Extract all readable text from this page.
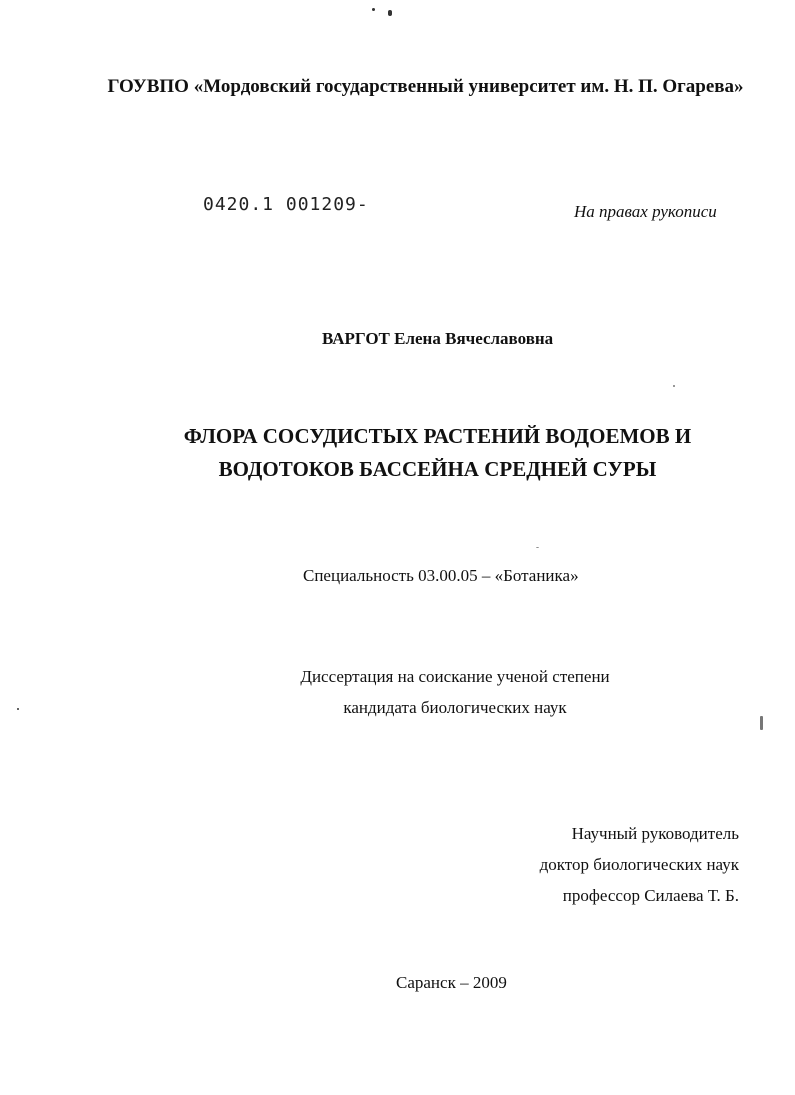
ГОУВПО «Мордовский государственный университет им. Н. П. Огарева»
0420.1 001209-	На правах рукописи
ВАРГОТ Елена Вячеславовна
ФЛОРА СОСУДИСТЫХ РАСТЕНИЙ ВОДОЕМОВ И
ВОДОТОКОВ БАССЕЙНА СРЕДНЕЙ СУРЫ
Специальность 03.00.05 – «Ботаника»
Диссертация на соискание ученой степени
кандидата биологических наук
Научный руководитель
доктор биологических наук
профессор Силаева Т. Б.
Саранск – 2009
